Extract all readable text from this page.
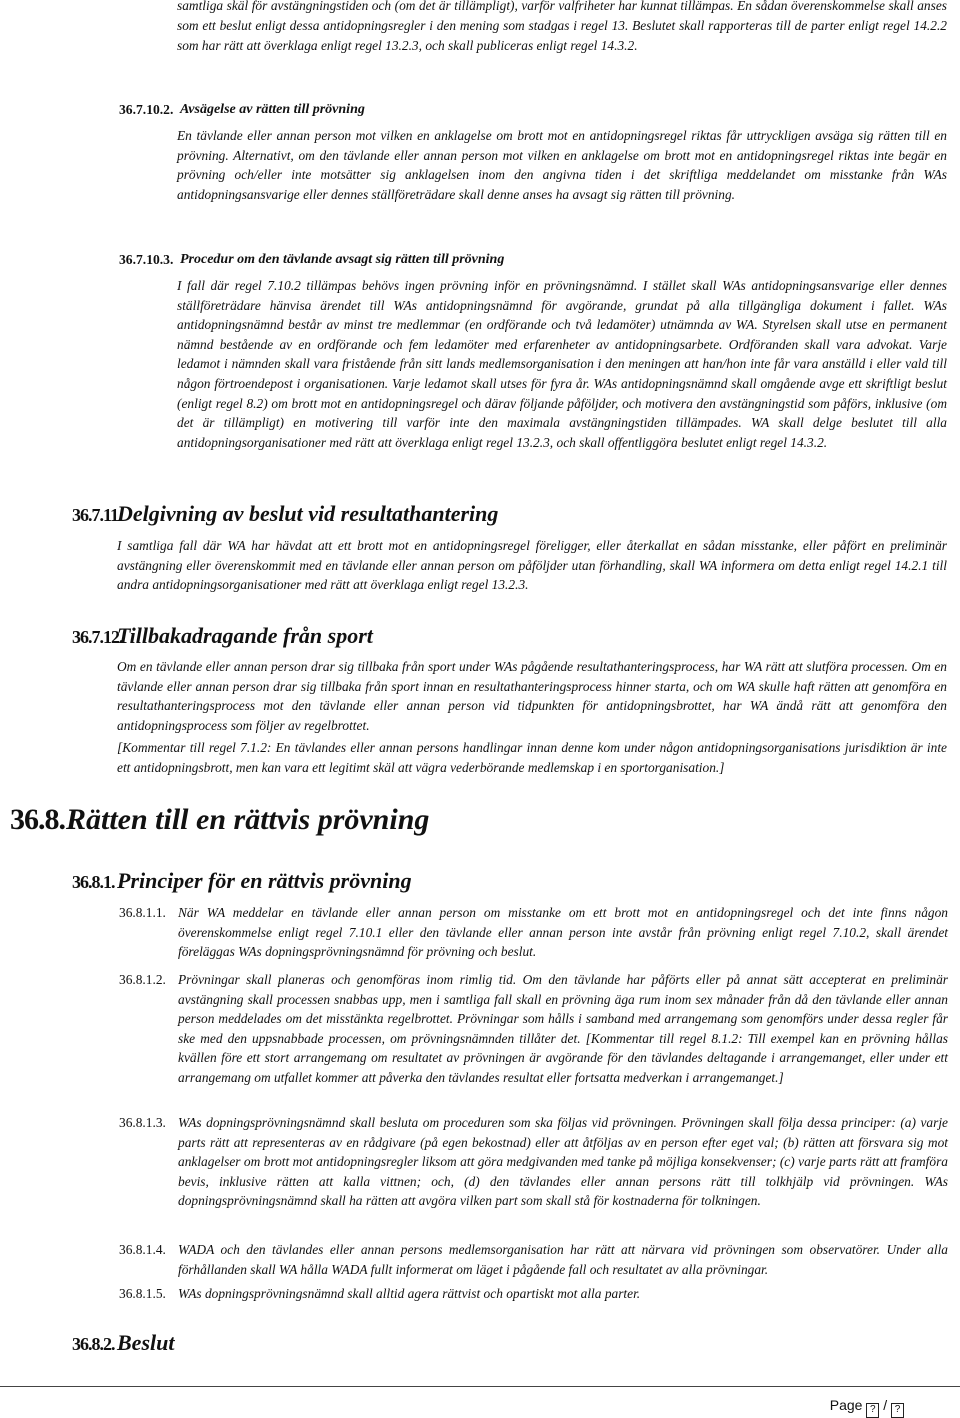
samtliga skäl för avstängningstiden och (om det är tillämpligt), varför valfriheter har kunnat tillämpas. En sådan överenskommelse skall anses som ett beslut enligt dessa antidopningsregler i den mening som stadgas i regel 13. Beslutet skall rapporteras till de parter enligt regel 14.2.2 som har rätt att överklaga enligt regel 13.2.3, och skall publiceras enligt regel 14.3.2.
36.7.10.2. Avsägelse av rätten till prövning
En tävlande eller annan person mot vilken en anklagelse om brott mot en antidopningsregel riktas får uttryckligen avsäga sig rätten till en prövning. Alternativt, om den tävlande eller annan person mot vilken en anklagelse om brott mot en antidopningsregel riktas inte begär en prövning och/eller inte motsätter sig anklagelsen inom den angivna tiden i det skriftliga meddelandet om misstanke från WAs antidopningsansvarige eller dennes ställföreträdare skall denne anses ha avsagt sig rätten till prövning.
36.7.10.3. Procedur om den tävlande avsagt sig rätten till prövning
I fall där regel 7.10.2 tillämpas behövs ingen prövning inför en prövningsnämnd. I stället skall WAs antidopningsansvarige eller dennes ställföreträdare hänvisa ärendet till WAs antidopningsnämnd för avgörande, grundat på alla tillgängliga dokument i fallet. WAs antidopningsnämnd består av minst tre medlemmar (en ordförande och två ledamöter) utnämnda av WA. Styrelsen skall utse en permanent nämnd bestående av en ordförande och fem ledamöter med erfarenheter av antidopningsarbete. Ordföranden skall vara advokat. Varje ledamot i nämnden skall vara fristående från sitt lands medlemsorganisation i den meningen att han/hon inte får vara anställd i eller vald till någon förtroendepost i organisationen. Varje ledamot skall utses för fyra år. WAs antidopningsnämnd skall omgående avge ett skriftligt beslut (enligt regel 8.2) om brott mot en antidopningsregel och därav följande påföljder, och motivera den avstängningstid som påförs, inklusive (om det är tillämpligt) en motivering till varför inte den maximala avstängningstiden tillämpades. WA skall delge beslutet till alla antidopningsorganisationer med rätt att överklaga enligt regel 13.2.3, och skall offentliggöra beslutet enligt regel 14.3.2.
36.7.11.
Delgivning av beslut vid resultathantering
I samtliga fall där WA har hävdat att ett brott mot en antidopningsregel föreligger, eller återkallat en sådan misstanke, eller påfört en preliminär avstängning eller överenskommit med en tävlande eller annan person om påföljder utan förhandling, skall WA informera om detta enligt regel 14.2.1 till andra antidopningsorganisationer med rätt att överklaga enligt regel 13.2.3.
36.7.12.
Tillbakadragande från sport
Om en tävlande eller annan person drar sig tillbaka från sport under WAs pågående resultathanteringsprocess, har WA rätt att slutföra processen. Om en tävlande eller annan person drar sig tillbaka från sport innan en resultathanteringsprocess hinner starta, och om WA skulle haft rätten att genomföra en resultathanteringsprocess mot den tävlande eller annan person vid tidpunkten för antidopningsbrottet, har WA ändå rätt att genomföra den antidopningsprocess som följer av regelbrottet.
[Kommentar till regel 7.1.2: En tävlandes eller annan persons handlingar innan denne kom under någon antidopningsorganisations jurisdiktion är inte ett antidopningsbrott, men kan vara ett legitimt skäl att vägra vederbörande medlemskap i en sportorganisation.]
36.8. Rätten till en rättvis prövning
36.8.1. Principer för en rättvis prövning
36.8.1.1. När WA meddelar en tävlande eller annan person om misstanke om ett brott mot en antidopningsregel och det inte finns någon överenskommelse enligt regel 7.10.1 eller den tävlande eller annan person inte avstår från prövning enligt regel 7.10.2, skall ärendet föreläggas WAs dopningsprövningsnämnd för prövning och beslut.
36.8.1.2. Prövningar skall planeras och genomföras inom rimlig tid. Om den tävlande har påförts eller på annat sätt accepterat en preliminär avstängning skall processen snabbas upp, men i samtliga fall skall en prövning äga rum inom sex månader från då den tävlande eller annan person meddelades om det misstänkta regelbrottet. Prövningar som hålls i samband med arrangemang som genomförs under dessa regler får ske med den uppsnabbade processen, om prövningsnämnden tillåter det. [Kommentar till regel 8.1.2: Till exempel kan en prövning hållas kvällen före ett stort arrangemang om resultatet av prövningen är avgörande för den tävlandes deltagande i arrangemanget, eller under ett arrangemang om utfallet kommer att påverka den tävlandes resultat eller fortsatta medverkan i arrangemanget.]
36.8.1.3. WAs dopningsprövningsnämnd skall besluta om proceduren som ska följas vid prövningen. Prövningen skall följa dessa principer: (a) varje parts rätt att representeras av en rådgivare (på egen bekostnad) eller att åtföljas av en person efter eget val; (b) rätten att försvara sig mot anklagelser om brott mot antidopningsregler liksom att göra medgivanden med tanke på möjliga konsekvenser; (c) varje parts rätt att framföra bevis, inklusive rätten att kalla vittnen; och, (d) den tävlandes eller annan persons rätt till tolkhjälp vid prövningen. WAs dopningsprövningsnämnd skall ha rätten att avgöra vilken part som skall stå för kostnaderna för tolkningen.
36.8.1.4. WADA och den tävlandes eller annan persons medlemsorganisation har rätt att närvara vid prövningen som observatörer. Under alla förhållanden skall WA hålla WADA fullt informerat om läget i pågående fall och resultatet av alla prövningar.
36.8.1.5. WAs dopningsprövningsnämnd skall alltid agera rättvist och opartiskt mot alla parter.
36.8.2. Beslut
Page ? / ?
